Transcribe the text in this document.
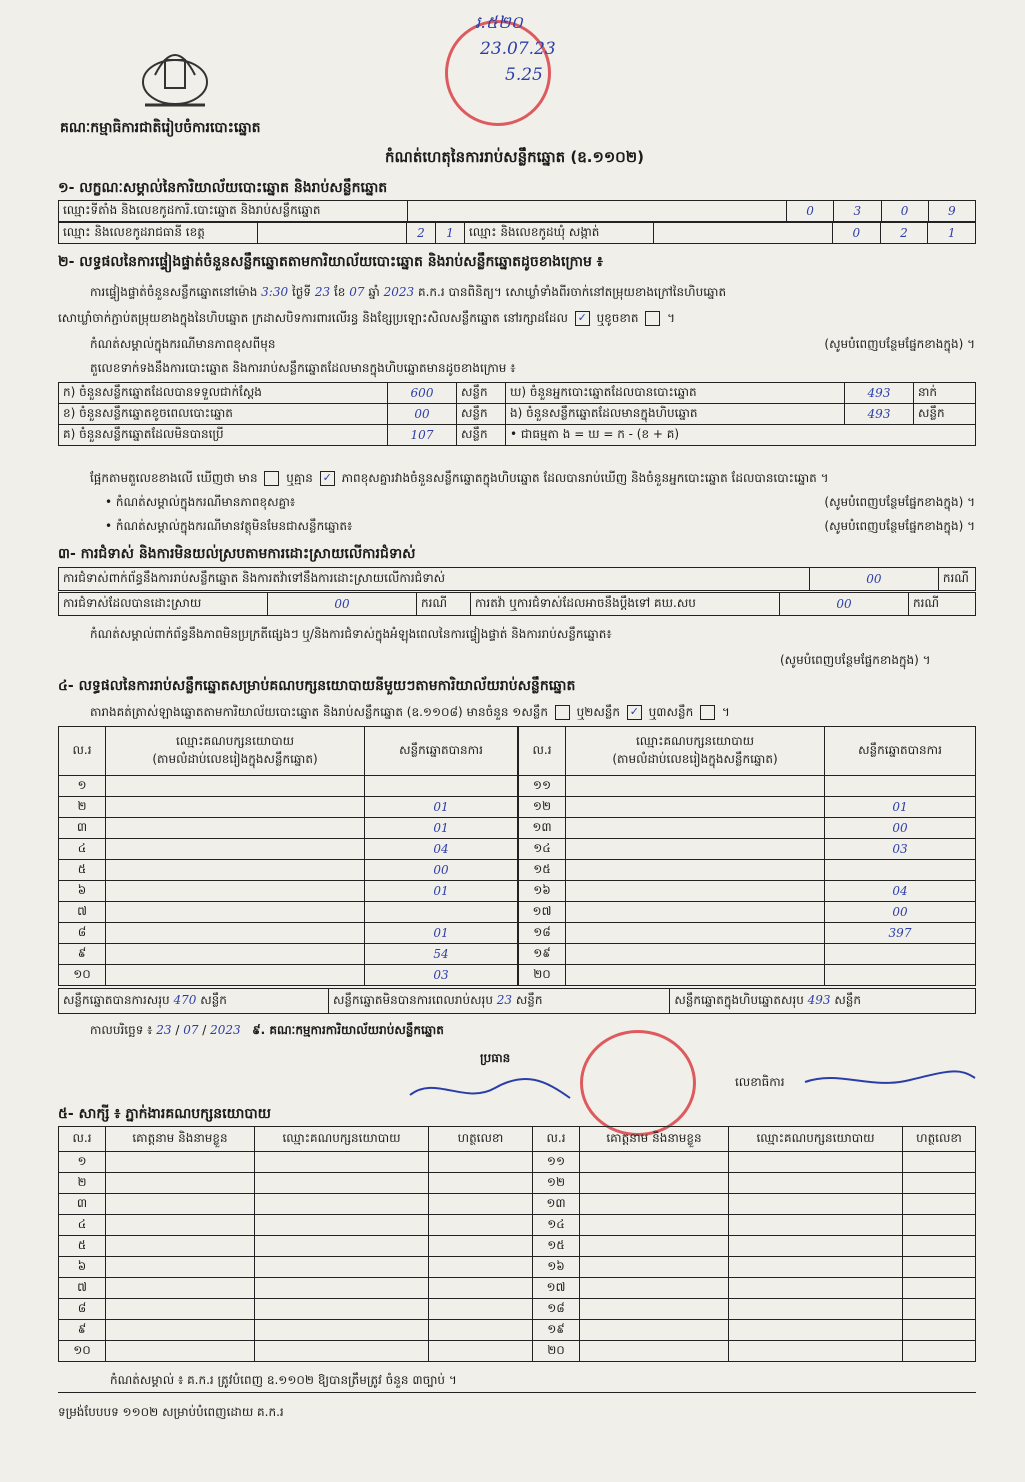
គណៈកម្មាធិការជាតិរៀបចំការបោះឆ្នោត
រ.៥២០
23.07.23
5.25
កំណត់ហេតុនៃការរាប់សន្លឹកឆ្នោត (ឧ.១១០២)
១- លក្ខណៈសម្គាល់នៃការិយាល័យបោះឆ្នោត និងរាប់សន្លឹកឆ្នោត
ឈ្មោះទីតាំង និងលេខកូដការិ.បោះឆ្នោត និងរាប់សន្លឹកឆ្នោត		0	3	0	9
ឈ្មោះ និងលេខកូដរាជធានី ខេត្ត		2	1	ឈ្មោះ និងលេខកូដឃុំ សង្កាត់		0	2	1
២- លទ្ធផលនៃការផ្ទៀងផ្ទាត់ចំនួនសន្លឹកឆ្នោតតាមការិយាល័យបោះឆ្នោត និងរាប់សន្លឹកឆ្នោតដូចខាងក្រោម ៖
ការផ្ទៀងផ្ទាត់ចំនួនសន្លឹកឆ្នោតនៅម៉ោង 3:30 ថ្ងៃទី 23 ខែ 07 ឆ្នាំ 2023 គ.ក.រ បានពិនិត្យ។ សោឃ្លាំទាំងពីរចាក់នៅតម្រុយខាងក្រៅនៃហិបឆ្នោត
សោឃ្លាំចាក់ភ្ជាប់តម្រុយខាងក្នុងនៃហិបឆ្នោត ក្រដាសបិទការពារលើរន្ធ និងខ្សែប្រឡោះសិលសន្លឹកឆ្នោត នៅរក្សាដដែល ✓ ឬខូចខាត  ។
កំណត់សម្គាល់ក្នុងករណីមានភាពខុសពីមុន	(សូមបំពេញបន្ថែមផ្នែកខាងក្នុង) ។
តួលេខទាក់ទងនឹងការបោះឆ្នោត និងការរាប់សន្លឹកឆ្នោតដែលមានក្នុងហិបឆ្នោតមានដូចខាងក្រោម ៖
ក) ចំនួនសន្លឹកឆ្នោតដែលបានទទួលជាក់ស្តែង	600	សន្លឹក	ឃ) ចំនួនអ្នកបោះឆ្នោតដែលបានបោះឆ្នោត	493	នាក់
ខ) ចំនួនសន្លឹកឆ្នោតខូចពេលបោះឆ្នោត	00	សន្លឹក	ង) ចំនួនសន្លឹកឆ្នោតដែលមានក្នុងហិបឆ្នោត	493	សន្លឹក
គ) ចំនួនសន្លឹកឆ្នោតដែលមិនបានប្រើ	107	សន្លឹក	• ជាធម្មតា ង = ឃ = ក - (ខ + គ)		
ផ្អែកតាមតួលេខខាងលើ ឃើញថា មាន ឬគ្មាន ✓ ភាពខុសគ្នារវាងចំនួនសន្លឹកឆ្នោតក្នុងហិបឆ្នោត ដែលបានរាប់ឃើញ និងចំនួនអ្នកបោះឆ្នោត ដែលបានបោះឆ្នោត ។
• កំណត់សម្គាល់ក្នុងករណីមានភាពខុសគ្នា៖	(សូមបំពេញបន្ថែមផ្នែកខាងក្នុង) ។
• កំណត់សម្គាល់ក្នុងករណីមានវត្ថុមិនមែនជាសន្លឹកឆ្នោត៖	(សូមបំពេញបន្ថែមផ្នែកខាងក្នុង) ។
៣- ការជំទាស់ និងការមិនយល់ស្របតាមការដោះស្រាយលើការជំទាស់
ការជំទាស់ពាក់ព័ន្ធនឹងការរាប់សន្លឹកឆ្នោត និងការតវ៉ាទៅនឹងការដោះស្រាយលើការជំទាស់	00	ករណី
ការជំទាស់ដែលបានដោះស្រាយ	00	ករណី	ការតវ៉ា ឬការជំទាស់ដែលអាចនឹងប្តឹងទៅ គឃ.សប	00	ករណី
កំណត់សម្គាល់ពាក់ព័ន្ធនឹងភាពមិនប្រក្រតីផ្សេងៗ ឬ/និងការជំទាស់ក្នុងអំឡុងពេលនៃការផ្ទៀងផ្ទាត់ និងការរាប់សន្លឹកឆ្នោត៖
(សូមបំពេញបន្ថែមផ្នែកខាងក្នុង) ។
៤- លទ្ធផលនៃការរាប់សន្លឹកឆ្នោតសម្រាប់គណបក្សនយោបាយនីមួយៗតាមការិយាល័យរាប់សន្លឹកឆ្នោត
តារាងគត់ត្រាស់ឡាងឆ្នោតតាមការិយាល័យបោះឆ្នោត និងរាប់សន្លឹកឆ្នោត (ឧ.១១០៨) មានចំនួន ១សន្លឹក ឬ២សន្លឹក ✓ ឬ៣សន្លឹក  ។
ល.រ	ឈ្មោះគណបក្សនយោបាយ
(តាមលំដាប់លេខរៀងក្នុងសន្លឹកឆ្នោត)	សន្លឹកឆ្នោតបានការ
១		
២		01
៣		01
៤		04
៥		00
៦		01
៧		
៨		01
៩		54
១០		03
ល.រ	ឈ្មោះគណបក្សនយោបាយ
(តាមលំដាប់លេខរៀងក្នុងសន្លឹកឆ្នោត)	សន្លឹកឆ្នោតបានការ
១១		
១២		01
១៣		00
១៤		03
១៥		
១៦		04
១៧		00
១៨		397
១៩		
២០		
សន្លឹកឆ្នោតបានការសរុប 470 សន្លឹក	សន្លឹកឆ្នោតមិនបានការពេលរាប់សរុប 23 សន្លឹក	សន្លឹកឆ្នោតក្នុងហិបឆ្នោតសរុប 493 សន្លឹក
កាលបរិច្ឆេទ ៖ 23 / 07 / 2023 ៩. គណៈកម្មការការិយាល័យរាប់សន្លឹកឆ្នោត
ប្រធាន
លេខាធិការ
៥- សាក្សី ៖ ភ្នាក់ងារគណបក្សនយោបាយ
ល.រ	គោត្តនាម និងនាមខ្លួន	ឈ្មោះគណបក្សនយោបាយ	ហត្ថលេខា	ល.រ	គោត្តនាម និងនាមខ្លួន	ឈ្មោះគណបក្សនយោបាយ	ហត្ថលេខា
១				១១			
២				១២			
៣				១៣			
៤				១៤			
៥				១៥			
៦				១៦			
៧				១៧			
៨				១៨			
៩				១៩			
១០				២០			
កំណត់សម្គាល់ ៖ គ.ក.រ ត្រូវបំពេញ ឧ.១១០២ ឱ្យបានត្រឹមត្រូវ ចំនួន ៣ច្បាប់ ។
ទម្រង់បែបបទ ១១០២ សម្រាប់បំពេញដោយ គ.ក.រ
